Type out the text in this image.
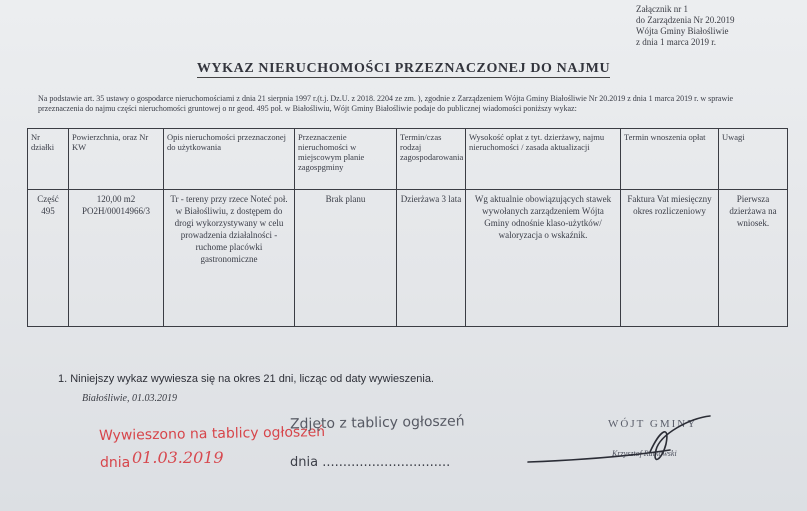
Załącznik nr 1
do Zarządzenia Nr 20.2019
Wójta Gminy Białośliwie
z dnia 1 marca 2019 r.
WYKAZ NIERUCHOMOŚCI PRZEZNACZONEJ DO NAJMU
Na podstawie art. 35 ustawy o gospodarce nieruchomościami z dnia 21 sierpnia 1997 r.(t.j. Dz.U. z 2018. 2204 ze zm. ), zgodnie z Zarządzeniem Wójta Gminy Białośliwie Nr 20.2019 z dnia 1 marca 2019 r. w sprawie przeznaczenia do najmu części nieruchomości gruntowej o nr geod. 495 poł. w Białośliwiu, Wójt Gminy Białośliwie podaje do publicznej wiadomości poniższy wykaz:
Nr działki	Powierzchnia, oraz Nr KW	Opis nieruchomości przeznaczonej do użytkowania	Przeznaczenie nieruchomości w miejscowym planie zagospgminy	Termin/czas rodzaj zagospodarowania	Wysokość opłat z tyt. dzierżawy, najmu nieruchomości / zasada aktualizacji	Termin wnoszenia opłat	Uwagi
Część 495	120,00 m2 PO2H/00014966/3	Tr - tereny przy rzece Noteć poł. w Białośliwiu, z dostępem do drogi wykorzystywany w celu prowadzenia działalności - ruchome placówki gastronomiczne	Brak planu	Dzierżawa 3 lata	Wg aktualnie obowiązujących stawek wywołanych zarządzeniem Wójta Gminy odnośnie klaso-użytków/ waloryzacja o wskaźnik.	Faktura Vat miesięczny okres rozliczeniowy	Pierwsza dzierżawa na wniosek.
1. Niniejszy wykaz wywiesza się na okres 21 dni, licząc od daty wywieszenia.
Białośliwie, 01.03.2019
Wywieszono na tablicy ogłoszeń
dnia 01.03.2019
Zdjęto z tablicy ogłoszeń
dnia ...............................
WÓJT GMINY
Krzysztof Rutkowski
